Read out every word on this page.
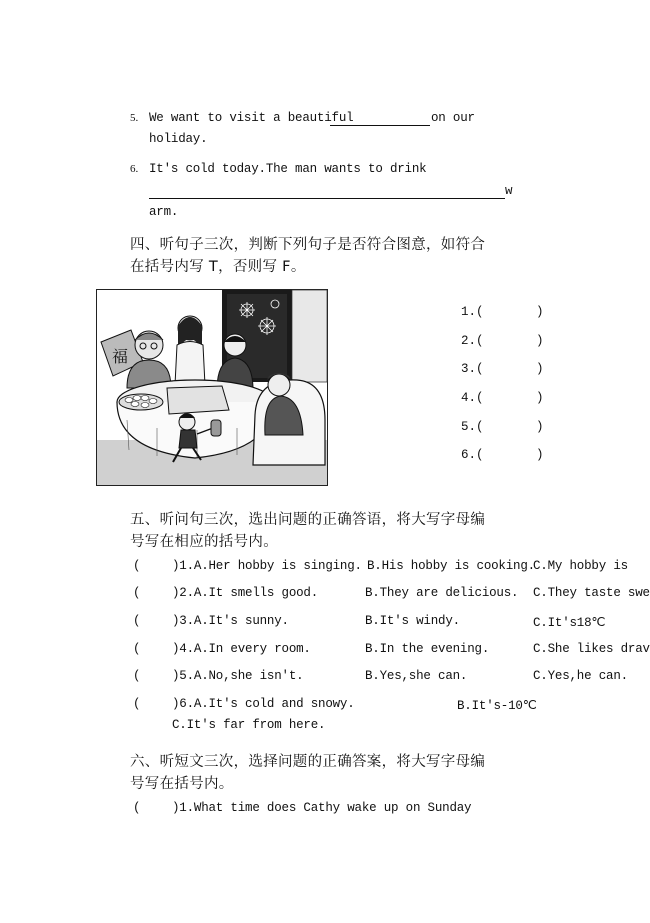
5. We want to visit a beautiful	on our
holiday.
6. It's cold today.The man wants to drink
w
arm.
四、听句子三次，判断下列句子是否符合图意，如符合
在括号内写 T，否则写 F。
福
1.(	)
2.(	)
3.(	)
4.(	)
5.(	)
6.(	)
五、听问句三次，选出问题的正确答语，将大写字母编
号写在相应的括号内。
(	)1.A.Her hobby is singing. B.His hobby is cooking.
C.My hobby is
(	)2.A.It smells good.	B.They are delicious. C.They taste swe
(	)3.A.It's sunny.	B.It's windy.	C.It's18℃
(	)4.A.In every room.	B.In the evening.	C.She likes drav
(	)5.A.No,she isn't.	B.Yes,she can.	C.Yes,he can.
(	)6.A.It's cold and snowy.	B.It's-10℃
C.It's far from here.
六、听短文三次，选择问题的正确答案，将大写字母编
号写在括号内。
(	)1.What time does Cathy wake up on Sunday
